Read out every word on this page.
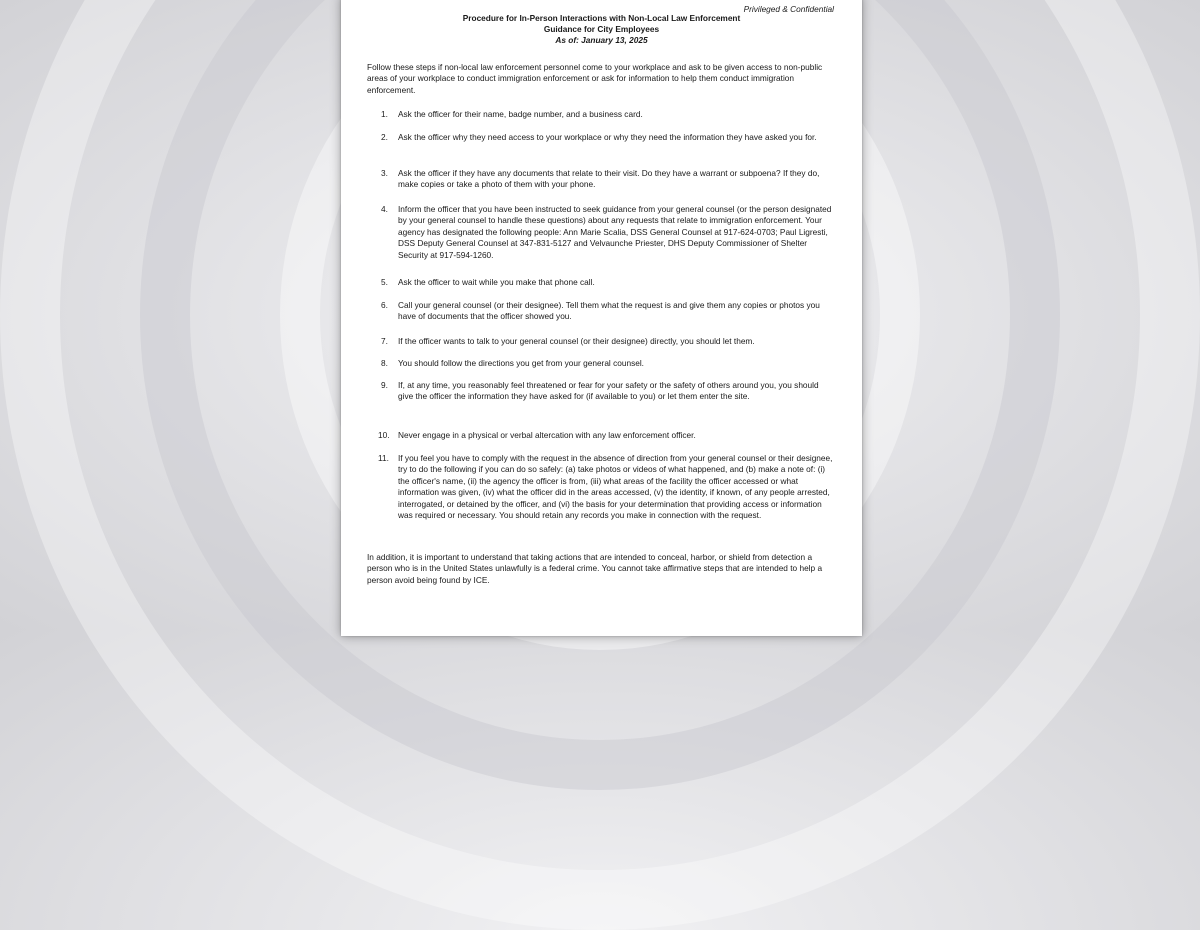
Privileged & Confidential
Procedure for In-Person Interactions with Non-Local Law Enforcement
Guidance for City Employees
As of: January 13, 2025
Follow these steps if non-local law enforcement personnel come to your workplace and ask to be given access to non-public areas of your workplace to conduct immigration enforcement or ask for information to help them conduct immigration enforcement.
1.	Ask the officer for their name, badge number, and a business card.
2.	Ask the officer why they need access to your workplace or why they need the information they have asked you for.
3.	Ask the officer if they have any documents that relate to their visit. Do they have a warrant or subpoena? If they do, make copies or take a photo of them with your phone.
4.	Inform the officer that you have been instructed to seek guidance from your general counsel (or the person designated by your general counsel to handle these questions) about any requests that relate to immigration enforcement. Your agency has designated the following people: Ann Marie Scalia, DSS General Counsel at 917-624-0703; Paul Ligresti, DSS Deputy General Counsel at 347-831-5127 and Velvaunche Priester, DHS Deputy Commissioner of Shelter Security at 917-594-1260.
5.	Ask the officer to wait while you make that phone call.
6.	Call your general counsel (or their designee). Tell them what the request is and give them any copies or photos you have of documents that the officer showed you.
7.	If the officer wants to talk to your general counsel (or their designee) directly, you should let them.
8.	You should follow the directions you get from your general counsel.
9.	If, at any time, you reasonably feel threatened or fear for your safety or the safety of others around you, you should give the officer the information they have asked for (if available to you) or let them enter the site.
10.	Never engage in a physical or verbal altercation with any law enforcement officer.
11.	If you feel you have to comply with the request in the absence of direction from your general counsel or their designee, try to do the following if you can do so safely: (a) take photos or videos of what happened, and (b) make a note of: (i) the officer's name, (ii) the agency the officer is from, (iii) what areas of the facility the officer accessed or what information was given, (iv) what the officer did in the areas accessed, (v) the identity, if known, of any people arrested, interrogated, or detained by the officer, and (vi) the basis for your determination that providing access or information was required or necessary. You should retain any records you make in connection with the request.
In addition, it is important to understand that taking actions that are intended to conceal, harbor, or shield from detection a person who is in the United States unlawfully is a federal crime. You cannot take affirmative steps that are intended to help a person avoid being found by ICE.
